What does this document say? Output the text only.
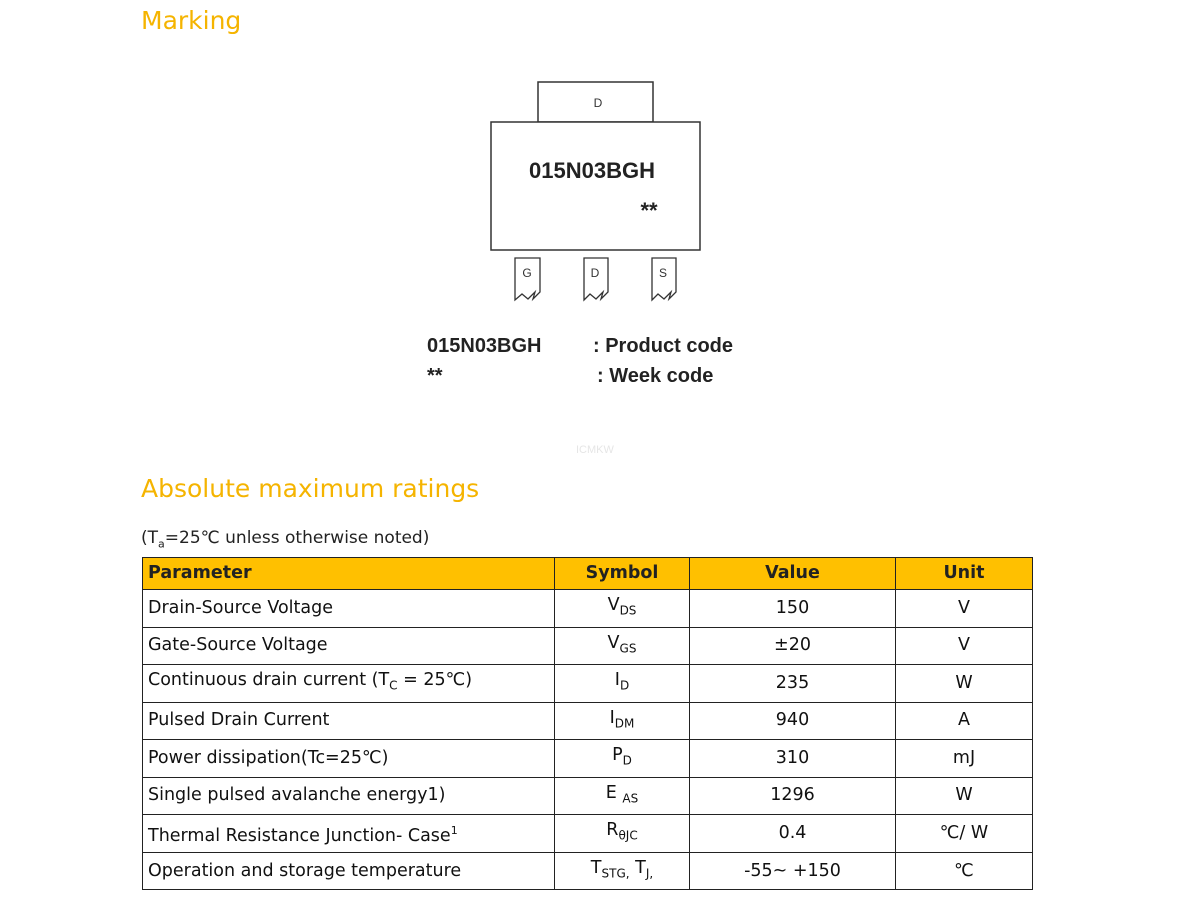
Marking
D
015N03BGH
**
G	D	S
015N03BGH	: Product code
**	: Week code
ICMKW
Absolute maximum ratings
($T_a=25℃$ unless otherwise noted)
Parameter	Symbol	Value	Unit
Drain-Source Voltage	$V_{DS}$	150	V
Gate-Source Voltage	$V_{GS}$	±20	V
Continuous drain current ($T_C$ = 25℃)	$I_D$	235	W
Pulsed Drain Current	$I_{DM}$	940	A
Power dissipation(Tc=25℃)	$P_D$	310	mJ
Single pulsed avalanche energy1)	E $_{AS}$	1296	W
Thermal Resistance Junction- Case$^1$	$R_{\theta JC}$	0.4	℃/ W
Operation and storage temperature	$T_{STG,}$ $T_{J,}$	-55~ +150	℃
